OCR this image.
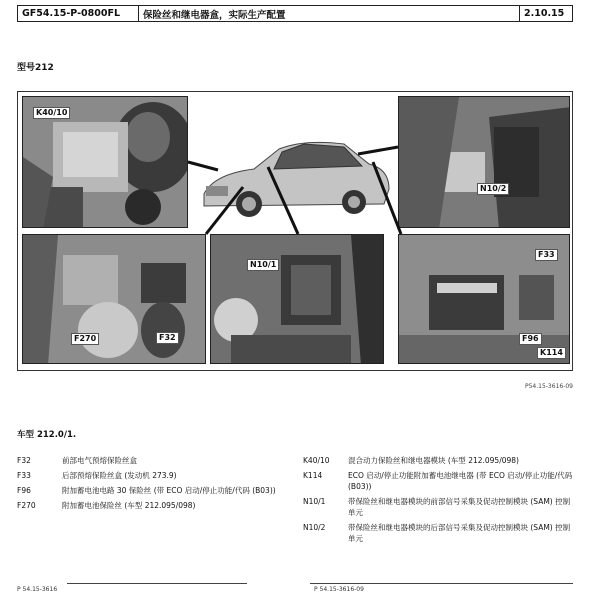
GF54.15-P-0800FL	保险丝和继电器盒，实际生产配置	2.10.15
型号212
K40/10
N10/2
F270	F32
N10/1
F33
F96
K114
P54.15-3616-09
车型 212.0/1.
F32	前部电气预熔保险丝盒
F33	后部预熔保险丝盒 (发动机 273.9)
F96	附加蓄电池电路 30 保险丝 (带 ECO 启动/停止功能/代码 (B03))
F270	附加蓄电池保险丝 (车型 212.095/098)
K40/10	混合动力保险丝和继电器模块 (车型 212.095/098)
K114	ECO 启动/停止功能附加蓄电池继电器 (带 ECO 启动/停止功能/代码 (B03))
N10/1	带保险丝和继电器模块的前部信号采集及促动控制模块 (SAM) 控制单元
N10/2	带保险丝和继电器模块的后部信号采集及促动控制模块 (SAM) 控制单元
P 54.15-3616	P 54.15-3616-09
